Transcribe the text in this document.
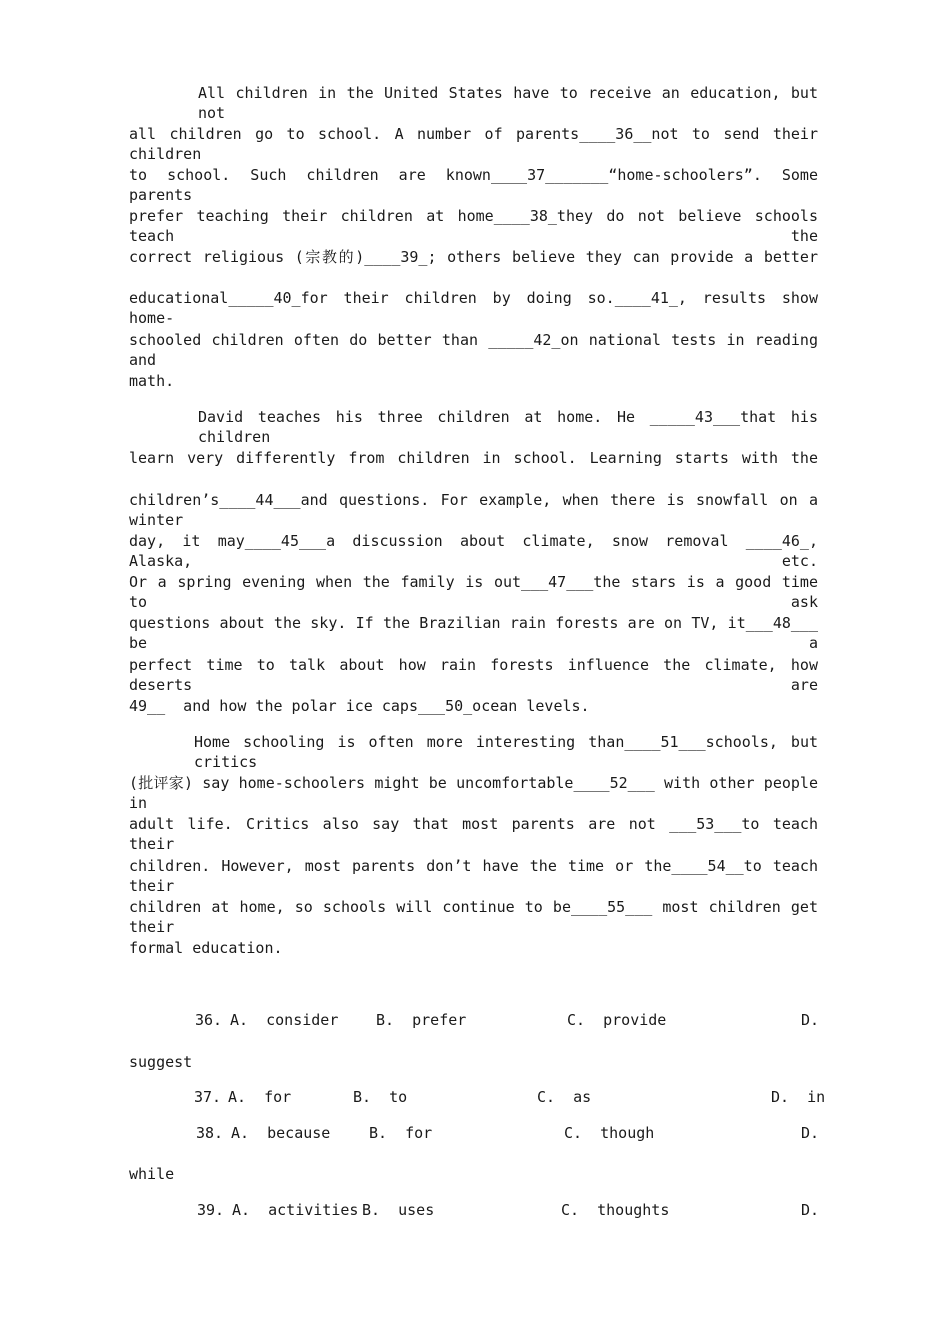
All children in the United States have to receive an education, but not
all children go to school. A number of parents____36__not to send their children
to school. Such children are known____37_______“home-schoolers”. Some parents
prefer teaching their children at home____38_they do not believe schools teach the
correct religious (宗教的)____39_; others believe they can provide a better
educational_____40_for their children by doing so.____41_, results show home-
schooled children often do better than _____42_on national tests in reading and
math.
David teaches his three children at home. He _____43___that his children
learn very differently from children in school. Learning starts with the
children’s____44___and questions. For example, when there is snowfall on a winter
day, it may____45___a discussion about climate, snow removal ____46_, Alaska, etc.
Or a spring evening when the family is out___47___the stars is a good time to ask
questions about the sky. If the Brazilian rain forests are on TV, it___48___ be a
perfect time to talk about how rain forests influence the climate, how deserts are
49__  and how the polar ice caps___50_ocean levels.
Home schooling is often more interesting than____51___schools, but critics
(批评家) say home-schoolers might be uncomfortable____52___ with other people in
adult life. Critics also say that most parents are not ___53___to teach their
children. However, most parents don’t have the time or the____54__to teach their
children at home, so schools will continue to be____55___ most children get their
formal education.
36. A.  consider	B.  prefer	C.  provide	D.
suggest
37. A.  for	B.  to	C.  as	D.  in
38. A.  because	B.  for	C.  though	D.
while
39. A.  activities B.  uses	C.  thoughts	D.
